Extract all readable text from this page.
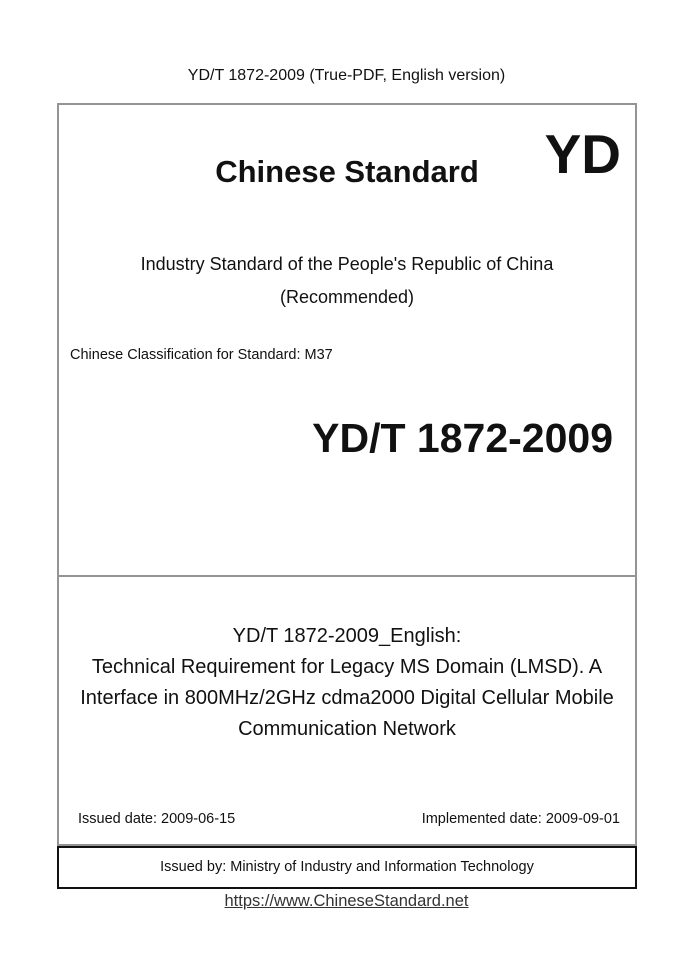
YD/T 1872-2009 (True-PDF, English version)
Chinese Standard	YD
Industry Standard of the People's Republic of China
(Recommended)
Chinese Classification for Standard: M37
YD/T 1872-2009
YD/T 1872-2009_English:
Technical Requirement for Legacy MS Domain (LMSD). A
Interface in 800MHz/2GHz cdma2000 Digital Cellular Mobile
Communication Network
Issued date: 2009-06-15	Implemented date: 2009-09-01
Issued by: Ministry of Industry and Information Technology
https://www.ChineseStandard.net
